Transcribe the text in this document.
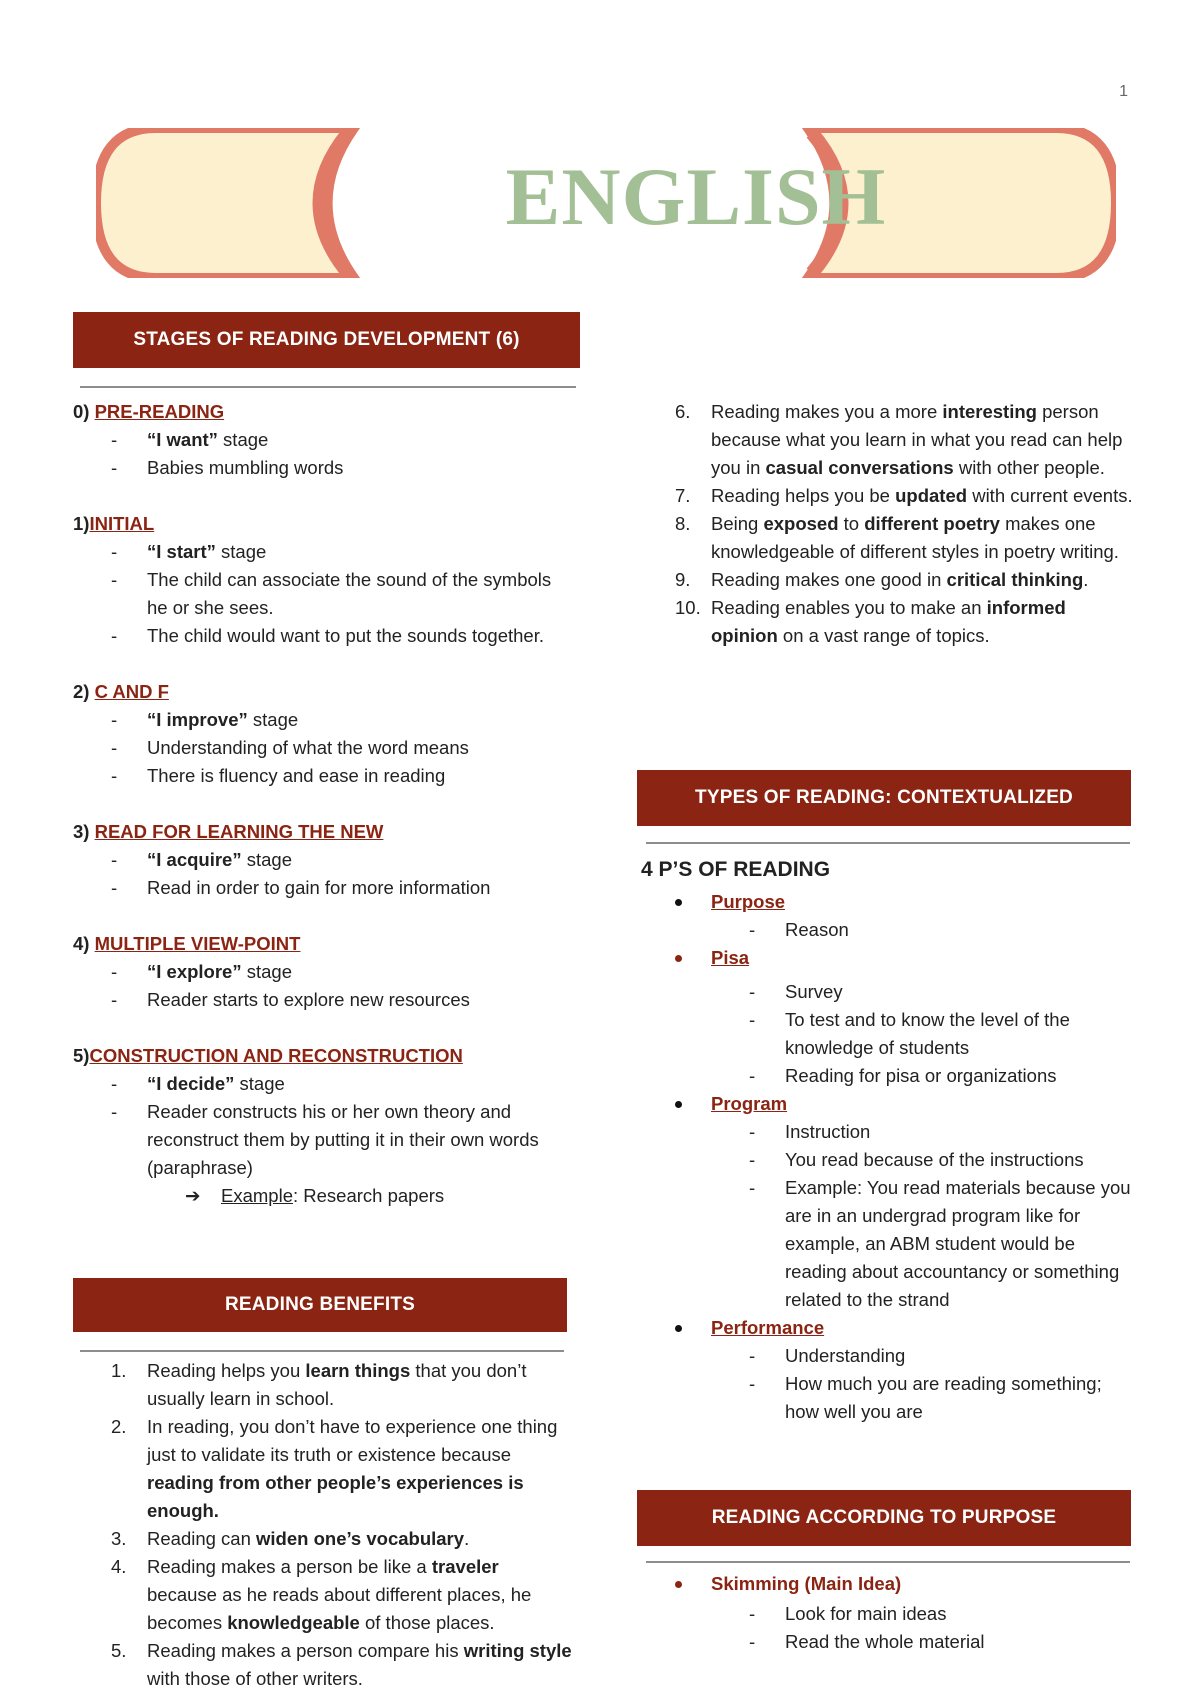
1
ENGLISH
STAGES OF READING DEVELOPMENT (6)
0) PRE-READING
- “I want” stage
- Babies mumbling words
1)INITIAL
- “I start” stage
- The child can associate the sound of the symbols he or she sees.
- The child would want to put the sounds together.
2) C AND F
- “I improve” stage
- Understanding of what the word means
- There is fluency and ease in reading
3) READ FOR LEARNING THE NEW
- “I acquire” stage
- Read in order to gain for more information
4) MULTIPLE VIEW-POINT
- “I explore” stage
- Reader starts to explore new resources
5)CONSTRUCTION AND RECONSTRUCTION
- “I decide” stage
- Reader constructs his or her own theory and reconstruct them by putting it in their own words (paraphrase)
➔ Example: Research papers
READING BENEFITS
1. Reading helps you learn things that you don’t usually learn in school.
2. In reading, you don’t have to experience one thing just to validate its truth or existence because reading from other people’s experiences is enough.
3. Reading can widen one’s vocabulary.
4. Reading makes a person be like a traveler because as he reads about different places, he becomes knowledgeable of those places.
5. Reading makes a person compare his writing style with those of other writers.
6. Reading makes you a more interesting person because what you learn in what you read can help you in casual conversations with other people.
7. Reading helps you be updated with current events.
8. Being exposed to different poetry makes one knowledgeable of different styles in poetry writing.
9. Reading makes one good in critical thinking.
10. Reading enables you to make an informed opinion on a vast range of topics.
TYPES OF READING: CONTEXTUALIZED
4 P’S OF READING
Purpose
- Reason
Pisa
- Survey
- To test and to know the level of the knowledge of students
- Reading for pisa or organizations
Program
- Instruction
- You read because of the instructions
- Example: You read materials because you are in an undergrad program like for example, an ABM student would be reading about accountancy or something related to the strand
Performance
- Understanding
- How much you are reading something; how well you are
READING ACCORDING TO PURPOSE
Skimming (Main Idea)
- Look for main ideas
- Read the whole material
